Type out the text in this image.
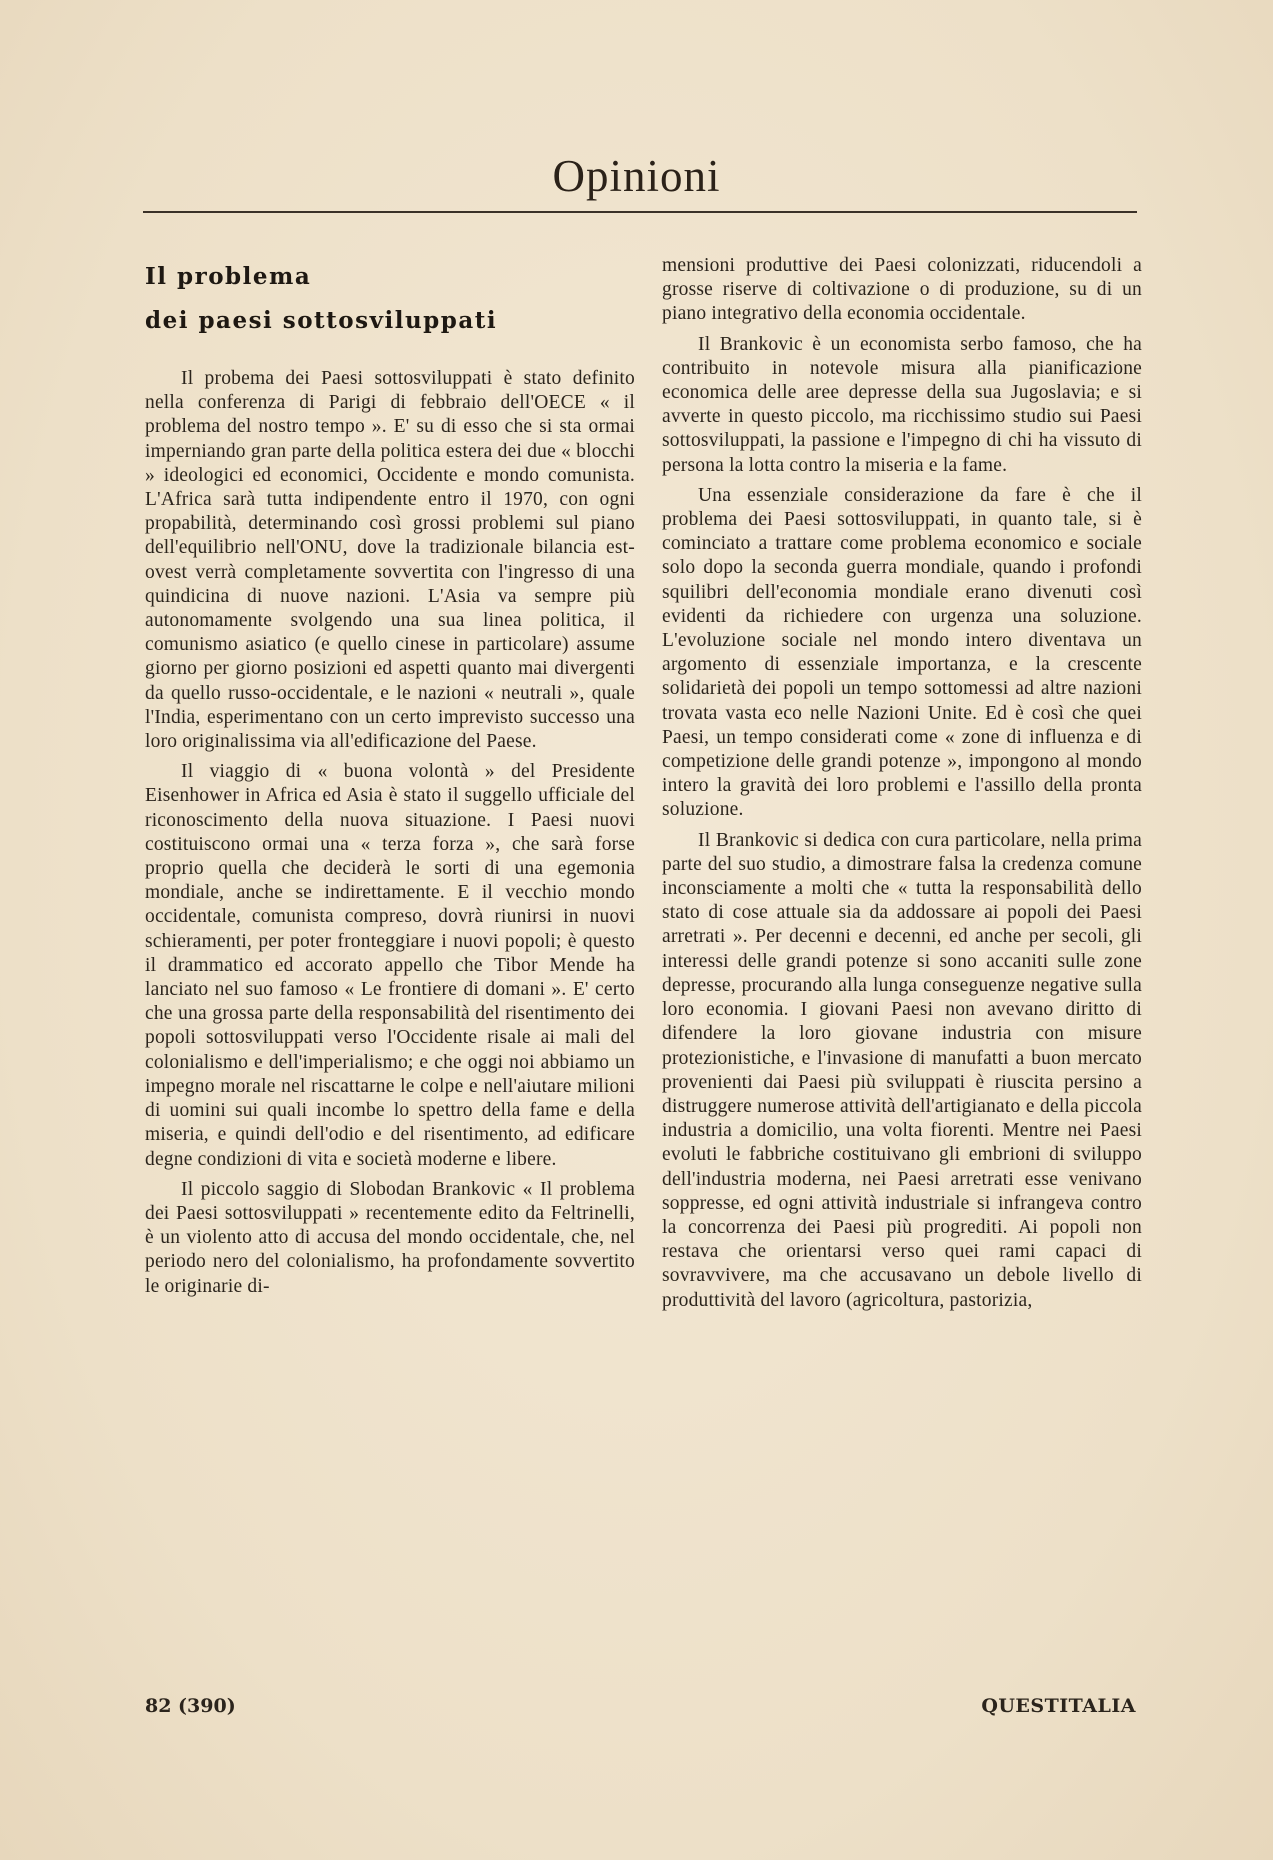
Opinioni
Il problema
dei paesi sottosviluppati

Il probema dei Paesi sottosviluppati è stato definito nella conferenza di Parigi di febbraio dell'OECE « il problema del nostro tempo ». E' su di esso che si sta ormai imperniando gran parte della politica estera dei due « blocchi » ideologici ed economici, Occidente e mondo comunista. L'Africa sarà tutta indipendente entro il 1970, con ogni propabilità, determinando così grossi problemi sul piano dell'equilibrio nell'ONU, dove la tradizionale bilancia est-ovest verrà completamente sovvertita con l'ingresso di una quindicina di nuove nazioni. L'Asia va sempre più autonomamente svolgendo una sua linea politica, il comunismo asiatico (e quello cinese in particolare) assume giorno per giorno posizioni ed aspetti quanto mai divergenti da quello russo-occidentale, e le nazioni « neutrali », quale l'India, esperimentano con un certo imprevisto successo una loro originalissima via all'edificazione del Paese.

Il viaggio di « buona volontà » del Presidente Eisenhower in Africa ed Asia è stato il suggello ufficiale del riconoscimento della nuova situazione. I Paesi nuovi costituiscono ormai una « terza forza », che sarà forse proprio quella che deciderà le sorti di una egemonia mondiale, anche se indirettamente. E il vecchio mondo occidentale, comunista compreso, dovrà riunirsi in nuovi schieramenti, per poter fronteggiare i nuovi popoli; è questo il drammatico ed accorato appello che Tibor Mende ha lanciato nel suo famoso « Le frontiere di domani ». E' certo che una grossa parte della responsabilità del risentimento dei popoli sottosviluppati verso l'Occidente risale ai mali del colonialismo e dell'imperialismo; e che oggi noi abbiamo un impegno morale nel riscattarne le colpe e nell'aiutare milioni di uomini sui quali incombe lo spettro della fame e della miseria, e quindi dell'odio e del risentimento, ad edificare degne condizioni di vita e società moderne e libere.

Il piccolo saggio di Slobodan Brankovic « Il problema dei Paesi sottosviluppati » recentemente edito da Feltrinelli, è un violento atto di accusa del mondo occidentale, che, nel periodo nero del colonialismo, ha profondamente sovvertito le originarie di-

mensioni produttive dei Paesi colonizzati, riducendoli a grosse riserve di coltivazione o di produzione, su di un piano integrativo della economia occidentale.

Il Brankovic è un economista serbo famoso, che ha contribuito in notevole misura alla pianificazione economica delle aree depresse della sua Jugoslavia; e si avverte in questo piccolo, ma ricchissimo studio sui Paesi sottosviluppati, la passione e l'impegno di chi ha vissuto di persona la lotta contro la miseria e la fame.

Una essenziale considerazione da fare è che il problema dei Paesi sottosviluppati, in quanto tale, si è cominciato a trattare come problema economico e sociale solo dopo la seconda guerra mondiale, quando i profondi squilibri dell'economia mondiale erano divenuti così evidenti da richiedere con urgenza una soluzione. L'evoluzione sociale nel mondo intero diventava un argomento di essenziale importanza, e la crescente solidarietà dei popoli un tempo sottomessi ad altre nazioni trovata vasta eco nelle Nazioni Unite. Ed è così che quei Paesi, un tempo considerati come « zone di influenza e di competizione delle grandi potenze », impongono al mondo intero la gravità dei loro problemi e l'assillo della pronta soluzione.

Il Brankovic si dedica con cura particolare, nella prima parte del suo studio, a dimostrare falsa la credenza comune inconsciamente a molti che « tutta la responsabilità dello stato di cose attuale sia da addossare ai popoli dei Paesi arretrati ». Per decenni e decenni, ed anche per secoli, gli interessi delle grandi potenze si sono accaniti sulle zone depresse, procurando alla lunga conseguenze negative sulla loro economia. I giovani Paesi non avevano diritto di difendere la loro giovane industria con misure protezionistiche, e l'invasione di manufatti a buon mercato provenienti dai Paesi più sviluppati è riuscita persino a distruggere numerose attività dell'artigianato e della piccola industria a domicilio, una volta fiorenti. Mentre nei Paesi evoluti le fabbriche costituivano gli embrioni di sviluppo dell'industria moderna, nei Paesi arretrati esse venivano soppresse, ed ogni attività industriale si infrangeva contro la concorrenza dei Paesi più progrediti. Ai popoli non restava che orientarsi verso quei rami capaci di sovravvivere, ma che accusavano un debole livello di produttività del lavoro (agricoltura, pastorizia,

82 (390)	QUESTITALIA
